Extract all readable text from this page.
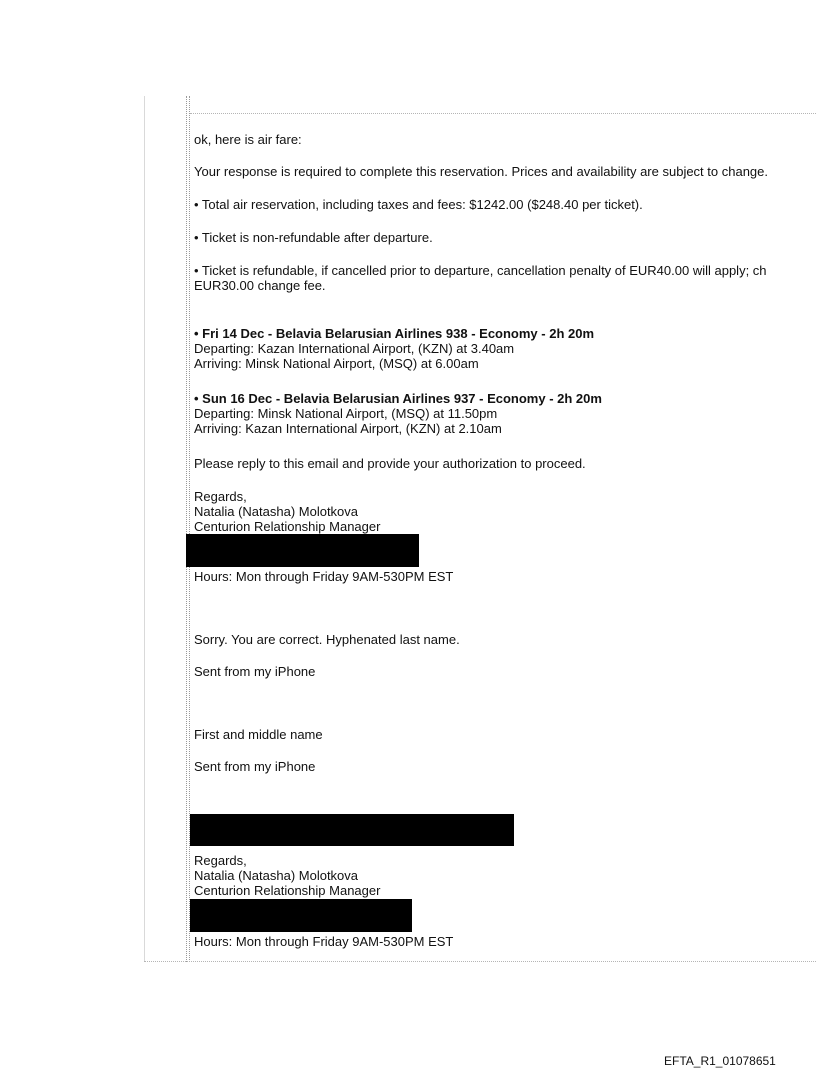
ok, here is air fare:

Your response is required to complete this reservation. Prices and availability are subject to change.

• Total air reservation, including taxes and fees: $1242.00 ($248.40 per ticket).

• Ticket is non-refundable after departure.

• Ticket is refundable, if cancelled prior to departure, cancellation penalty of EUR40.00 will apply; ch

EUR30.00 change fee.

• Fri 14 Dec - Belavia Belarusian Airlines 938 - Economy - 2h 20m

Departing: Kazan International Airport, (KZN) at 3.40am

Arriving: Minsk National Airport, (MSQ) at 6.00am

• Sun 16 Dec - Belavia Belarusian Airlines 937 - Economy - 2h 20m

Departing: Minsk National Airport, (MSQ) at 11.50pm

Arriving: Kazan International Airport, (KZN) at 2.10am

Please reply to this email and provide your authorization to proceed.

Regards,

Natalia (Natasha) Molotkova

Centurion Relationship Manager

Hours: Mon through Friday 9AM-530PM EST

Sorry. You are correct. Hyphenated last name.

Sent from my iPhone

First and middle name

Sent from my iPhone

Regards,

Natalia (Natasha) Molotkova

Centurion Relationship Manager

Hours: Mon through Friday 9AM-530PM EST

EFTA_R1_01078651
